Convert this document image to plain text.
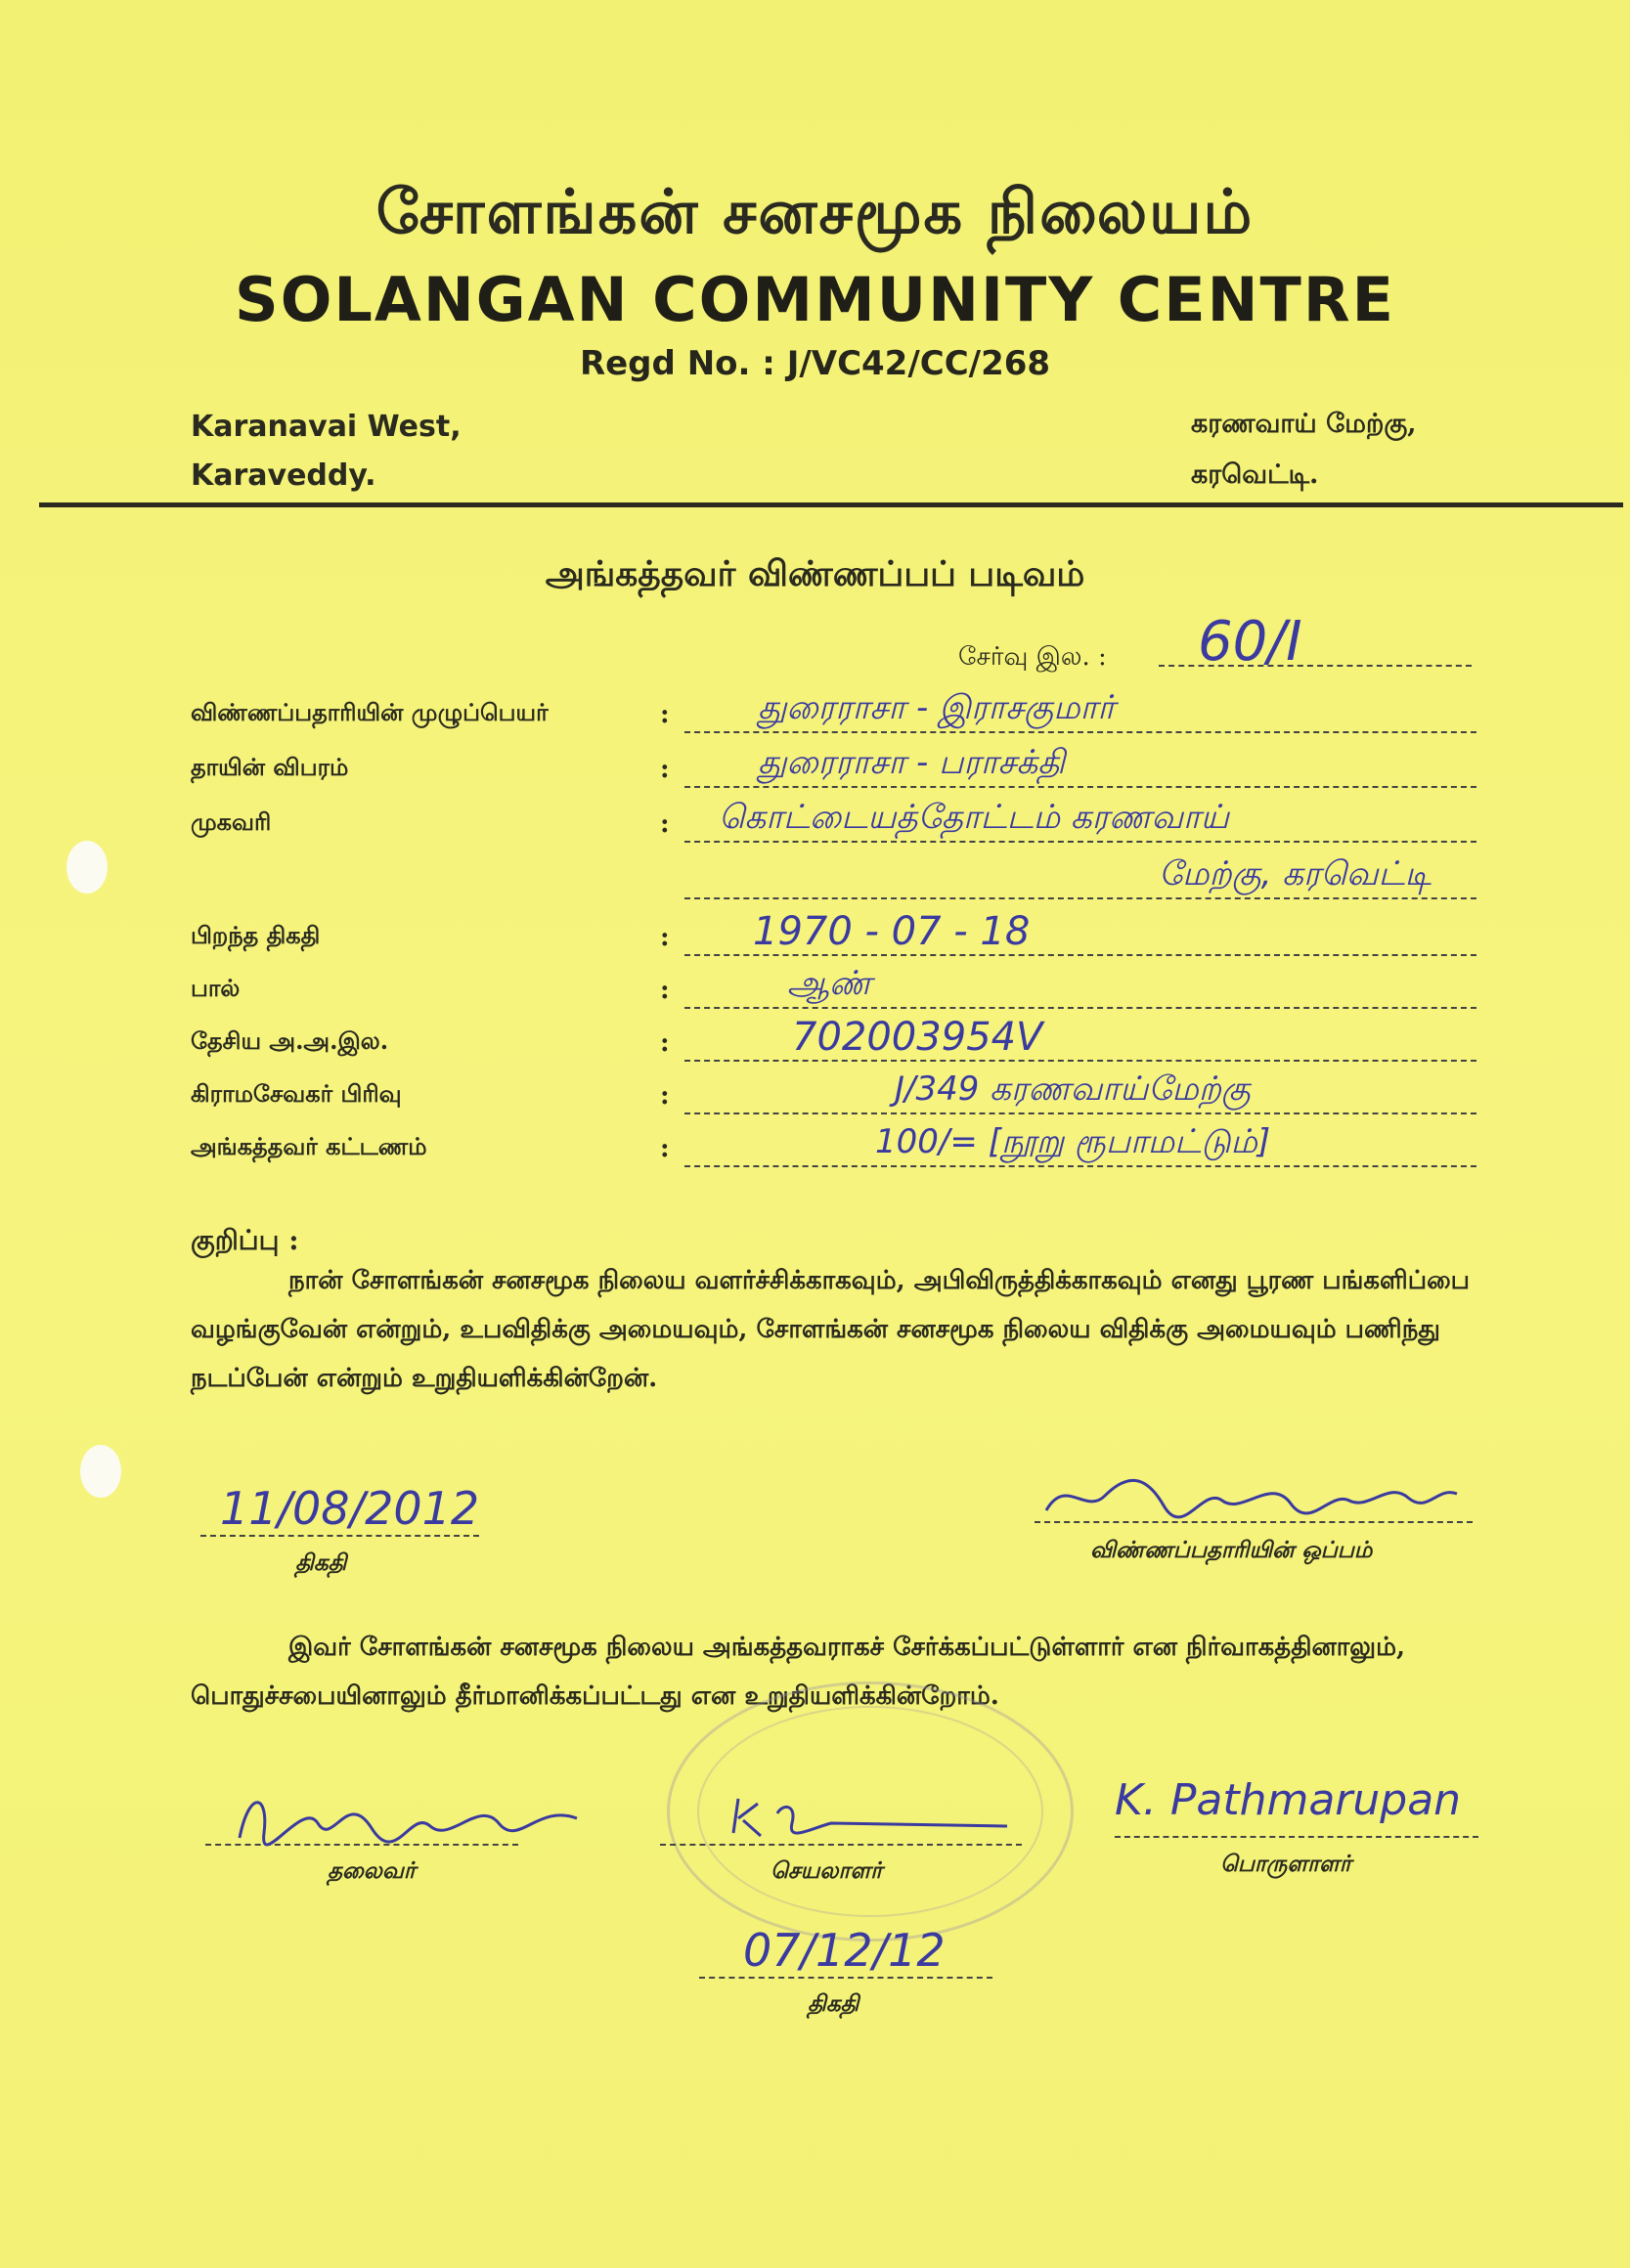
சோளங்கன் சனசமூக நிலையம்
SOLANGAN COMMUNITY CENTRE
Regd No. : J/VC42/CC/268
Karanavai West,
Karaveddy.
கரணவாய் மேற்கு,
கரவெட்டி.
அங்கத்தவர் விண்ணப்பப் படிவம்
சேர்வு இல. : 60/I
விண்ணப்பதாரியின் முழுப்பெயர்	:	துரைராசா - இராசகுமார்
தாயின் விபரம்	:	துரைராசா - பராசக்தி
முகவரி	: கொட்டையத்தோட்டம் கரணவாய்
மேற்கு, கரவெட்டி
பிறந்த திகதி	: 1970 - 07 - 18
பால்	:	ஆண்
தேசிய அ.அ.இல.	:	702003954V
கிராமசேவகர் பிரிவு	:	J/349 கரணவாய்மேற்கு
அங்கத்தவர் கட்டணம்	:	100/= [நூறு ரூபாமட்டும்]
குறிப்பு :
நான் சோளங்கன் சனசமூக நிலைய வளர்ச்சிக்காகவும், அபிவிருத்திக்காகவும் எனது பூரண பங்களிப்பை வழங்குவேன் என்றும், உபவிதிக்கு அமையவும், சோளங்கன் சனசமூக நிலைய விதிக்கு அமையவும் பணிந்து நடப்பேன் என்றும் உறுதியளிக்கின்றேன்.
11/08/2012
திகதி	விண்ணப்பதாரியின் ஒப்பம்
இவர் சோளங்கன் சனசமூக நிலைய அங்கத்தவராகச் சேர்க்கப்பட்டுள்ளார் என நிர்வாகத்தினாலும், பொதுச்சபையினாலும் தீர்மானிக்கப்பட்டது என உறுதியளிக்கின்றோம்.
தலைவர்	செயலாளர்
K. Pathmarupan
பொருளாளர்
07/12/12
திகதி
